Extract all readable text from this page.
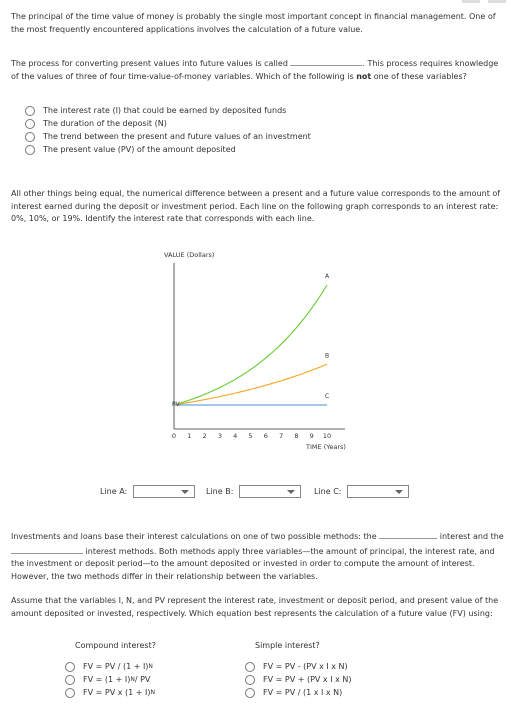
The principal of the time value of money is probably the single most important concept in financial management. One of the most frequently encountered applications involves the calculation of a future value.
The process for converting present values into future values is called	. This process requires knowledge of the values of three of four time-value-of-money variables. Which of the following is not one of these variables?
The interest rate (I) that could be earned by deposited funds
The duration of the deposit (N)
The trend between the present and future values of an investment
The present value (PV) of the amount deposited
All other things being equal, the numerical difference between a present and a future value corresponds to the amount of interest earned during the deposit or investment period. Each line on the following graph corresponds to an interest rate: 0%, 10%, or 19%. Identify the interest rate that corresponds with each line.
VALUE (Dollars)
TIME (Years)
0 1 2 3 4 5 6 7 8 9 10
A
B
C
PV
Line A:	Line B:	Line C:
Investments and loans base their interest calculations on one of two possible methods: the	interest and the  interest methods. Both methods apply three variables—the amount of principal, the interest rate, and the investment or deposit period—to the amount deposited or invested in order to compute the amount of interest. However, the two methods differ in their relationship between the variables.
Assume that the variables I, N, and PV represent the interest rate, investment or deposit period, and present value of the amount deposited or invested, respectively. Which equation best represents the calculation of a future value (FV) using:
Compound interest?	Simple interest?
FV = PV / (1 + I) N
FV = (1 + I) N / PV
FV = PV x (1 + I) N
FV = PV - (PV x I x N)
FV = PV + (PV x I x N)
FV = PV / (1 x I x N)
